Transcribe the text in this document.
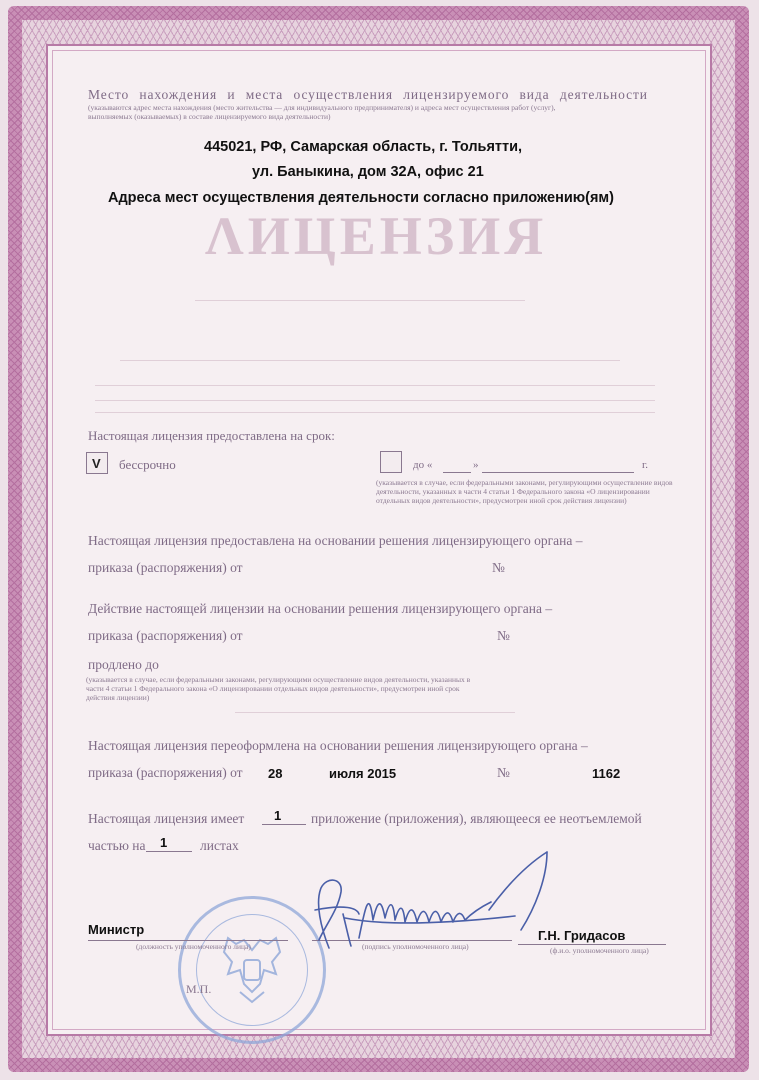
ΛИЦΕΗЗИЯ
Место нахождения и места осуществления лицензируемого вида деятельности
(указываются адрес места нахождения (место жительства — для индивидуального предпринимателя) и адреса мест осуществления работ (услуг),
выполняемых (оказываемых) в составе лицензируемого вида деятельности)
445021, РФ, Самарская область, г. Тольятти,
ул. Баныкина, дом 32А, офис 21
Адреса мест осуществления деятельности согласно приложению(ям)
Настоящая лицензия предоставлена на срок:
V бессрочно	до «	»	г.
(указывается в случае, если федеральными законами, регулирующими осуществление видов деятельности, указанных в части 4 статьи 1 Федерального закона «О лицензировании отдельных видов деятельности», предусмотрен иной срок действия лицензии)
Настоящая лицензия предоставлена на основании решения лицензирующего органа –
приказа (распоряжения) от	№
Действие настоящей лицензии на основании решения лицензирующего органа –
приказа (распоряжения) от	№
продлено до
(указывается в случае, если федеральными законами, регулирующими осуществление видов деятельности, указанных в части 4 статьи 1 Федерального закона «О лицензировании отдельных видов деятельности», предусмотрен иной срок действия лицензии)
Настоящая лицензия переоформлена на основании решения лицензирующего органа –
приказа (распоряжения) от 28	июля 2015	№	1162
Настоящая лицензия имеет 1 приложение (приложения), являющееся ее неотъемлемой
частью на 1 листах
М.П.
Министр
(должность уполномоченного лица)	(подпись уполномоченного лица)
Г.Н. Гридасов
(ф.и.о. уполномоченного лица)
